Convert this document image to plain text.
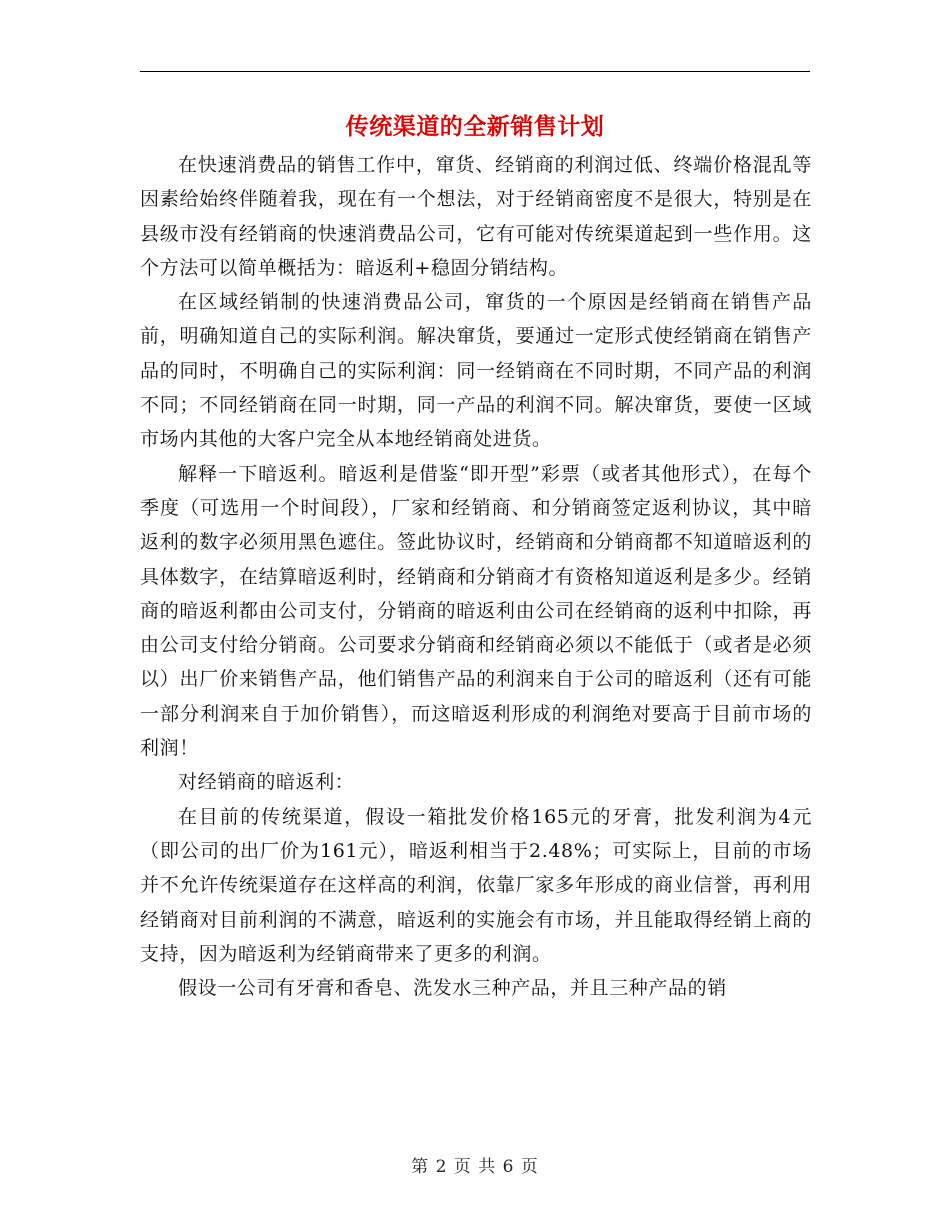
传统渠道的全新销售计划

在快速消费品的销售工作中，窜货、经销商的利润过低、终端价格混乱等因素给始终伴随着我，现在有一个想法，对于经销商密度不是很大，特别是在县级市没有经销商的快速消费品公司，它有可能对传统渠道起到一些作用。这个方法可以简单概括为：暗返利+稳固分销结构。

在区域经销制的快速消费品公司，窜货的一个原因是经销商在销售产品前，明确知道自己的实际利润。解决窜货，要通过一定形式使经销商在销售产品的同时，不明确自己的实际利润：同一经销商在不同时期，不同产品的利润不同；不同经销商在同一时期，同一产品的利润不同。解决窜货，要使一区域市场内其他的大客户完全从本地经销商处进货。

解释一下暗返利。暗返利是借鉴“即开型”彩票（或者其他形式），在每个季度（可选用一个时间段），厂家和经销商、和分销商签定返利协议，其中暗返利的数字必须用黑色遮住。签此协议时，经销商和分销商都不知道暗返利的具体数字，在结算暗返利时，经销商和分销商才有资格知道返利是多少。经销商的暗返利都由公司支付，分销商的暗返利由公司在经销商的返利中扣除，再由公司支付给分销商。公司要求分销商和经销商必须以不能低于（或者是必须以）出厂价来销售产品，他们销售产品的利润来自于公司的暗返利（还有可能一部分利润来自于加价销售），而这暗返利形成的利润绝对要高于目前市场的利润！

对经销商的暗返利：

在目前的传统渠道，假设一箱批发价格165元的牙膏，批发利润为4元（即公司的出厂价为161元），暗返利相当于2.48%；可实际上，目前的市场并不允许传统渠道存在这样高的利润，依靠厂家多年形成的商业信誉，再利用经销商对目前利润的不满意，暗返利的实施会有市场，并且能取得经销上商的支持，因为暗返利为经销商带来了更多的利润。

假设一公司有牙膏和香皂、洗发水三种产品，并且三种产品的销

第 2 页 共 6 页
